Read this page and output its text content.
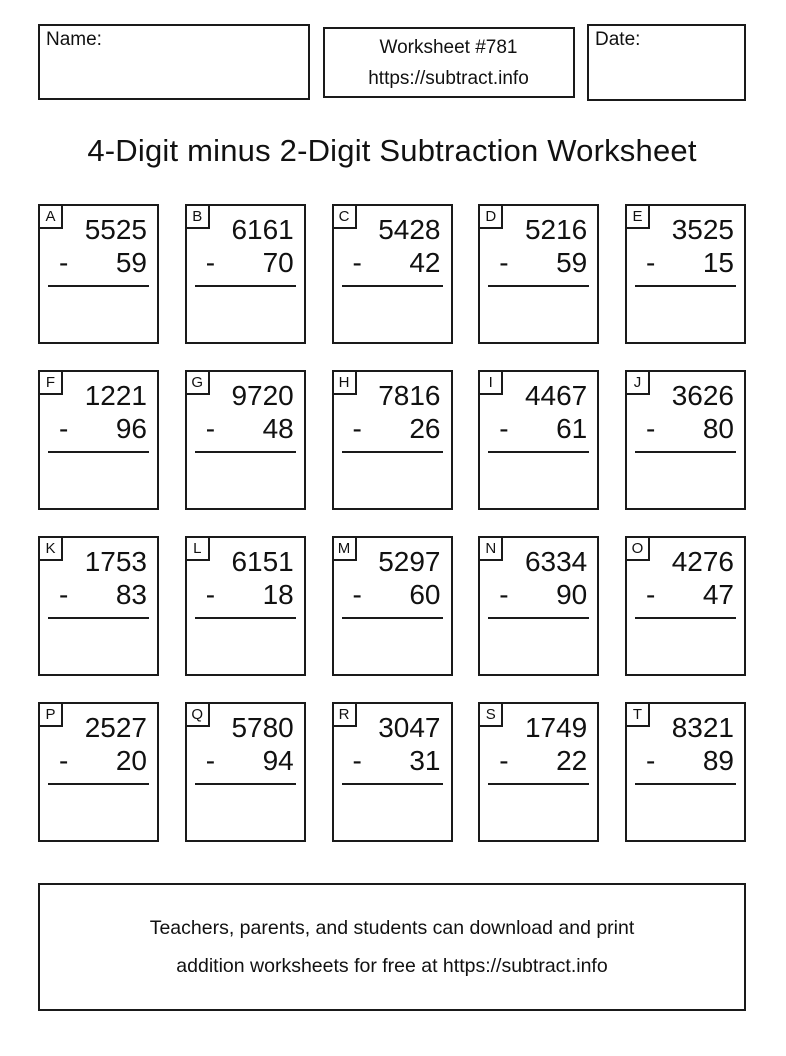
Name:	Worksheet #781
https://subtract.info
Date:
4-Digit minus 2-Digit Subtraction Worksheet
A	5525
- 59
B	6161
- 70
C	5428
- 42
D	5216
- 59
E	3525
- 15
F	1221
- 96
G	9720
- 48
H	7816
- 26
I	4467
- 61
J	3626
- 80
K	1753
- 83
L	6151
- 18
M 5297
- 60
N	6334
- 90
O	4276
- 47
P	2527
- 20
Q	5780
- 94
R	3047
- 31
S	1749
- 22
T	8321
- 89
Teachers, parents, and students can download and print
addition worksheets for free at https://subtract.info
